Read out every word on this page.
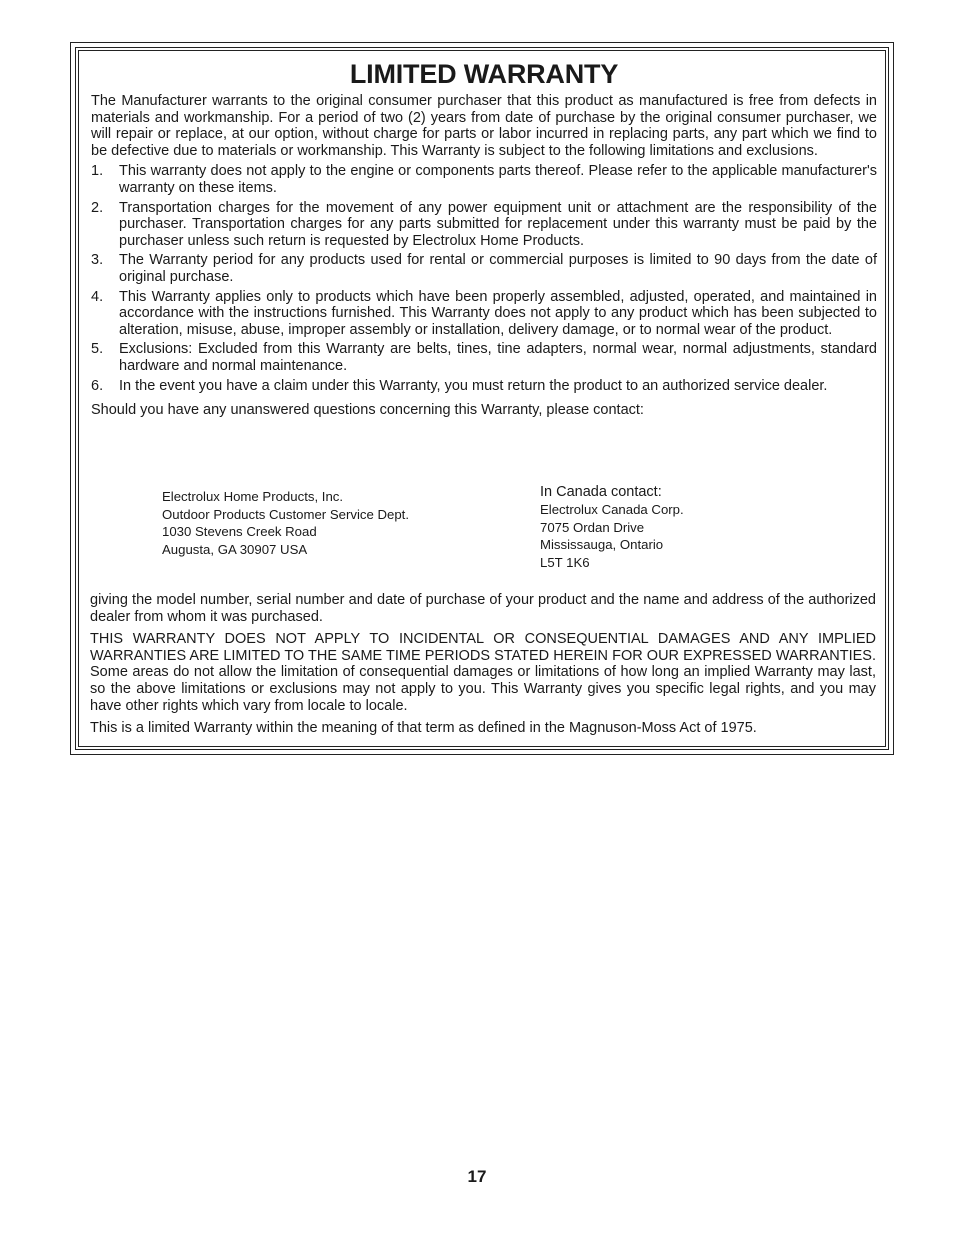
LIMITED WARRANTY

The Manufacturer warrants to the original consumer purchaser that this product as manufactured is free from defects in materials and workmanship. For a period of two (2) years from date of purchase by the original consumer purchaser, we will repair or replace, at our option, without charge for parts or labor incurred in replacing parts, any part which we find to be defective due to materials or workmanship. This Warranty is subject to the following limitations and exclusions.

1.	This warranty does not apply to the engine or components parts thereof. Please refer to the applicable manufacturer's warranty on these items.
2.	Transportation charges for the movement of any power equipment unit or attachment are the responsibility of the purchaser. Transportation charges for any parts submitted for replacement under this warranty must be paid by the purchaser unless such return is requested by Electrolux Home Products.
3.	The Warranty period for any products used for rental or commercial purposes is limited to 90 days from the date of original purchase.
4.	This Warranty applies only to products which have been properly assembled, adjusted, operated, and maintained in accordance with the instructions furnished. This Warranty does not apply to any product which has been subjected to alteration, misuse, abuse, improper assembly or installation, delivery damage, or to normal wear of the product.
5.	Exclusions: Excluded from this Warranty are belts, tines, tine adapters, normal wear, normal adjustments, standard hardware and normal maintenance.
6.	In the event you have a claim under this Warranty, you must return the product to an authorized service dealer.

Should you have any unanswered questions concerning this Warranty, please contact:

Electrolux Home Products, Inc.
Outdoor Products Customer Service Dept.
1030 Stevens Creek Road
Augusta, GA 30907 USA
In Canada contact:
Electrolux Canada Corp.
7075 Ordan Drive
Mississauga, Ontario
L5T 1K6

giving the model number, serial number and date of purchase of your product and the name and address of the authorized dealer from whom it was purchased.

THIS WARRANTY DOES NOT APPLY TO INCIDENTAL OR CONSEQUENTIAL DAMAGES AND ANY IMPLIED WARRANTIES ARE LIMITED TO THE SAME TIME PERIODS STATED HEREIN FOR OUR EXPRESSED WARRANTIES. Some areas do not allow the limitation of consequential damages or limitations of how long an implied Warranty may last, so the above limitations or exclusions may not apply to you. This Warranty gives you specific legal rights, and you may have other rights which vary from locale to locale.

This is a limited Warranty within the meaning of that term as defined in the Magnuson-Moss Act of 1975.

17
